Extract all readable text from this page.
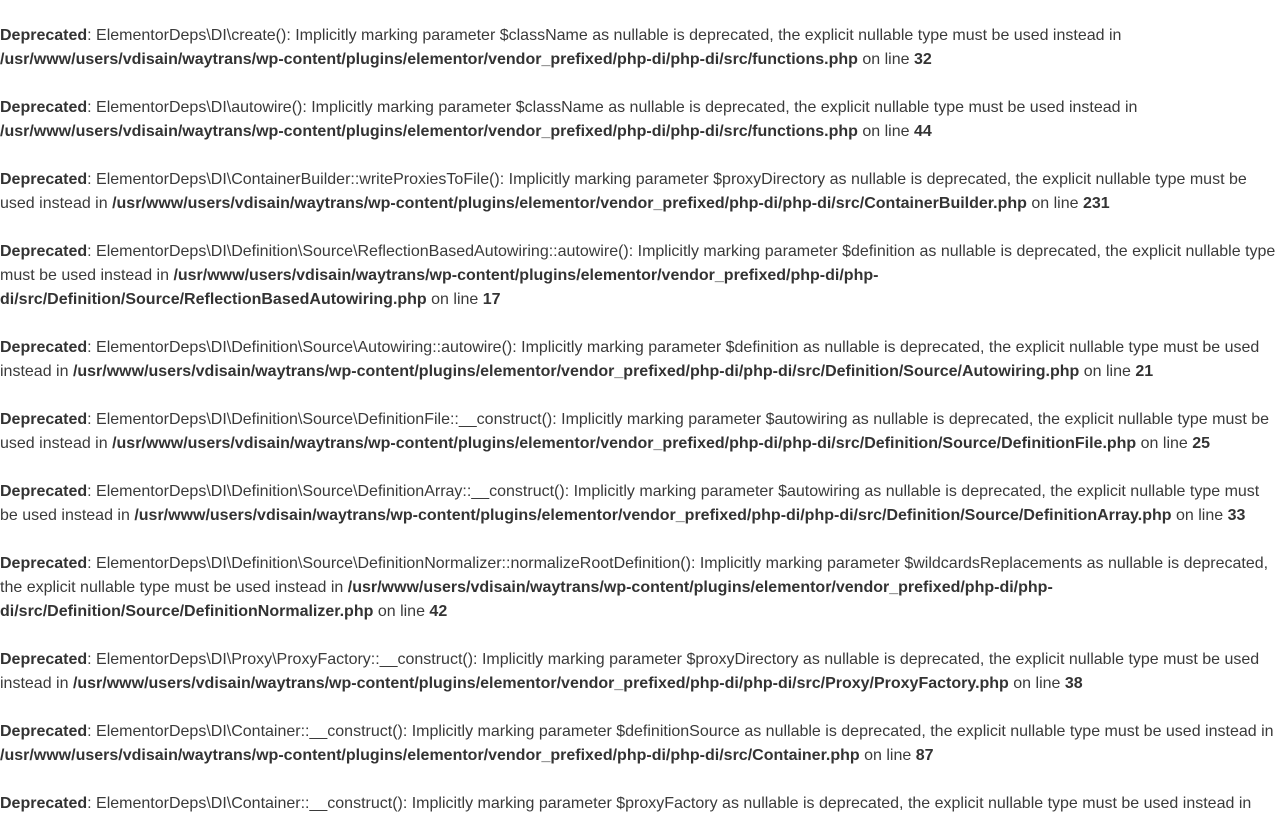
Deprecated: ElementorDeps\DI\create(): Implicitly marking parameter $className as nullable is deprecated, the explicit nullable type must be used instead in /usr/www/users/vdisain/waytrans/wp-content/plugins/elementor/vendor_prefixed/php-di/php-di/src/functions.php on line 32

Deprecated: ElementorDeps\DI\autowire(): Implicitly marking parameter $className as nullable is deprecated, the explicit nullable type must be used instead in /usr/www/users/vdisain/waytrans/wp-content/plugins/elementor/vendor_prefixed/php-di/php-di/src/functions.php on line 44

Deprecated: ElementorDeps\DI\ContainerBuilder::writeProxiesToFile(): Implicitly marking parameter $proxyDirectory as nullable is deprecated, the explicit nullable type must be used instead in /usr/www/users/vdisain/waytrans/wp-content/plugins/elementor/vendor_prefixed/php-di/php-di/src/ContainerBuilder.php on line 231

Deprecated: ElementorDeps\DI\Definition\Source\ReflectionBasedAutowiring::autowire(): Implicitly marking parameter $definition as nullable is deprecated, the explicit nullable type must be used instead in /usr/www/users/vdisain/waytrans/wp-content/plugins/elementor/vendor_prefixed/php-di/php-di/src/Definition/Source/ReflectionBasedAutowiring.php on line 17

Deprecated: ElementorDeps\DI\Definition\Source\Autowiring::autowire(): Implicitly marking parameter $definition as nullable is deprecated, the explicit nullable type must be used instead in /usr/www/users/vdisain/waytrans/wp-content/plugins/elementor/vendor_prefixed/php-di/php-di/src/Definition/Source/Autowiring.php on line 21

Deprecated: ElementorDeps\DI\Definition\Source\DefinitionFile::__construct(): Implicitly marking parameter $autowiring as nullable is deprecated, the explicit nullable type must be used instead in /usr/www/users/vdisain/waytrans/wp-content/plugins/elementor/vendor_prefixed/php-di/php-di/src/Definition/Source/DefinitionFile.php on line 25

Deprecated: ElementorDeps\DI\Definition\Source\DefinitionArray::__construct(): Implicitly marking parameter $autowiring as nullable is deprecated, the explicit nullable type must be used instead in /usr/www/users/vdisain/waytrans/wp-content/plugins/elementor/vendor_prefixed/php-di/php-di/src/Definition/Source/DefinitionArray.php on line 33

Deprecated: ElementorDeps\DI\Definition\Source\DefinitionNormalizer::normalizeRootDefinition(): Implicitly marking parameter $wildcardsReplacements as nullable is deprecated, the explicit nullable type must be used instead in /usr/www/users/vdisain/waytrans/wp-content/plugins/elementor/vendor_prefixed/php-di/php-di/src/Definition/Source/DefinitionNormalizer.php on line 42

Deprecated: ElementorDeps\DI\Proxy\ProxyFactory::__construct(): Implicitly marking parameter $proxyDirectory as nullable is deprecated, the explicit nullable type must be used instead in /usr/www/users/vdisain/waytrans/wp-content/plugins/elementor/vendor_prefixed/php-di/php-di/src/Proxy/ProxyFactory.php on line 38

Deprecated: ElementorDeps\DI\Container::__construct(): Implicitly marking parameter $definitionSource as nullable is deprecated, the explicit nullable type must be used instead in /usr/www/users/vdisain/waytrans/wp-content/plugins/elementor/vendor_prefixed/php-di/php-di/src/Container.php on line 87

Deprecated: ElementorDeps\DI\Container::__construct(): Implicitly marking parameter $proxyFactory as nullable is deprecated, the explicit nullable type must be used instead in
